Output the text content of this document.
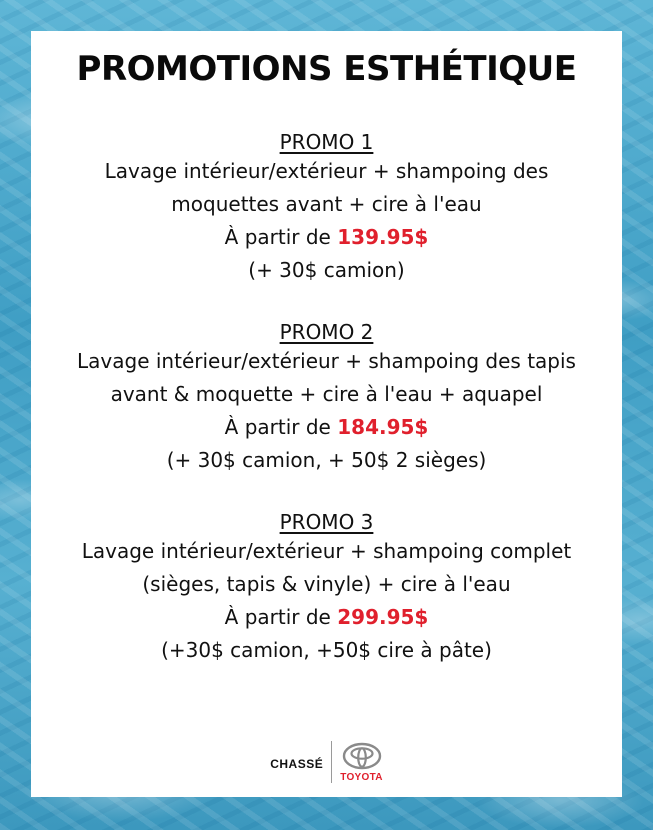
PROMOTIONS ESTHÉTIQUE
PROMO 1
Lavage intérieur/extérieur + shampoing des
moquettes avant + cire à l'eau
À partir de 139.95$
(+ 30$ camion)
PROMO 2
Lavage intérieur/extérieur + shampoing des tapis
avant & moquette + cire à l'eau + aquapel
À partir de 184.95$
(+ 30$ camion, + 50$ 2 sièges)
PROMO 3
Lavage intérieur/extérieur + shampoing complet
(sièges, tapis & vinyle) + cire à l'eau
À partir de 299.95$
(+30$ camion, +50$ cire à pâte)
CHASSÉ
TOYOTA
